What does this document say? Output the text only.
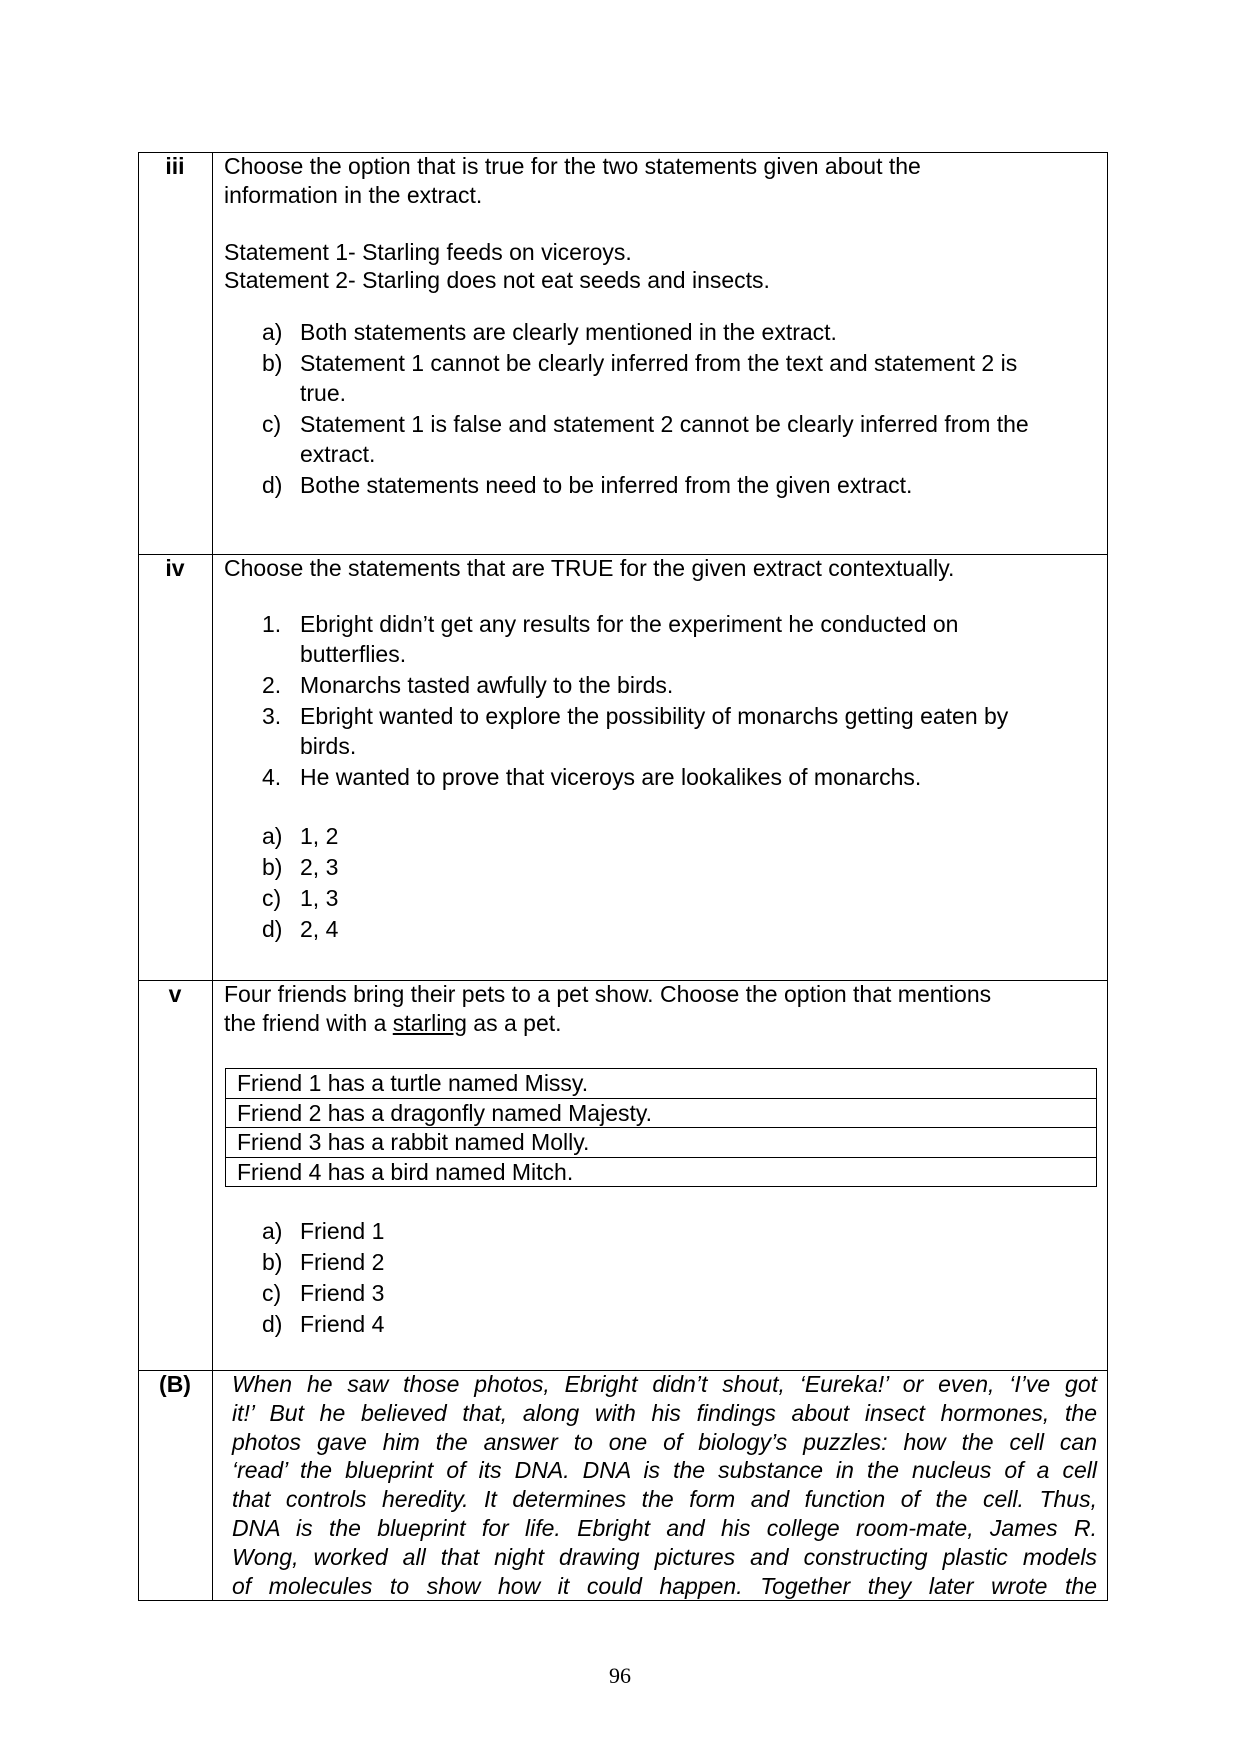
iii	Choose the option that is true for the two statements given about the
information in the extract.
Statement 1- Starling feeds on viceroys.
Statement 2- Starling does not eat seeds and insects.
a) Both statements are clearly mentioned in the extract.
b) Statement 1 cannot be clearly inferred from the text and statement 2 is
true.
c) Statement 1 is false and statement 2 cannot be clearly inferred from the
extract.
d) Bothe statements need to be inferred from the given extract.
iv	Choose the statements that are TRUE for the given extract contextually.
1. Ebright didn’t get any results for the experiment he conducted on
butterflies.
2. Monarchs tasted awfully to the birds.
3. Ebright wanted to explore the possibility of monarchs getting eaten by
birds.
4. He wanted to prove that viceroys are lookalikes of monarchs.
a) 1, 2
b) 2, 3
c) 1, 3
d) 2, 4
v	Four friends bring their pets to a pet show. Choose the option that mentions
the friend with a starling as a pet.
Friend 1 has a turtle named Missy.
Friend 2 has a dragonfly named Majesty.
Friend 3 has a rabbit named Molly.
Friend 4 has a bird named Mitch.
a) Friend 1
b) Friend 2
c) Friend 3
d) Friend 4
(B)	When he saw those photos, Ebright didn’t shout, ‘Eureka!’ or even, ‘I’ve got
it!’ But he believed that, along with his findings about insect hormones, the
photos gave him the answer to one of biology’s puzzles: how the cell can
‘read’ the blueprint of its DNA. DNA is the substance in the nucleus of a cell
that controls heredity. It determines the form and function of the cell. Thus,
DNA is the blueprint for life. Ebright and his college room-mate, James R.
Wong, worked all that night drawing pictures and constructing plastic models
of molecules to show how it could happen. Together they later wrote the
96
